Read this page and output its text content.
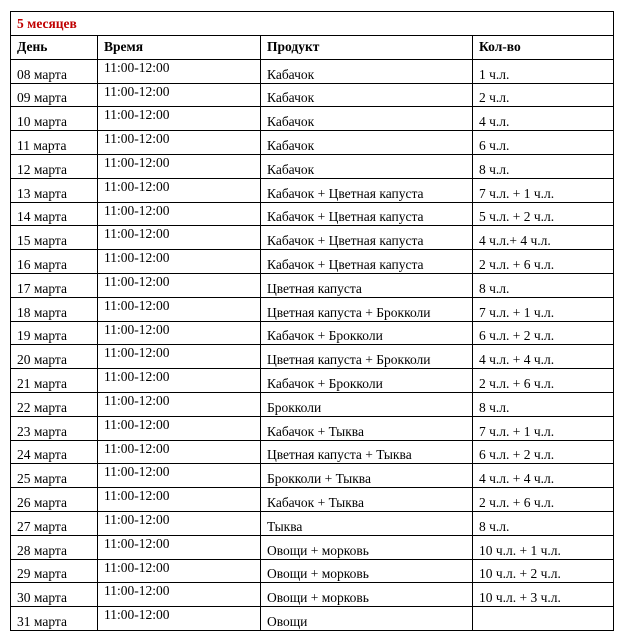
5 месяцев			
День	Время	Продукт	Кол-во
08 марта	11:00-12:00	Кабачок	1 ч.л.
09 марта	11:00-12:00	Кабачок	2 ч.л.
10 марта	11:00-12:00	Кабачок	4 ч.л.
11 марта	11:00-12:00	Кабачок	6 ч.л.
12 марта	11:00-12:00	Кабачок	8 ч.л.
13 марта	11:00-12:00	Кабачок + Цветная капуста	7 ч.л. + 1 ч.л.
14 марта	11:00-12:00	Кабачок + Цветная капуста	5 ч.л. + 2 ч.л.
15 марта	11:00-12:00	Кабачок + Цветная капуста	4 ч.л.+ 4 ч.л.
16 марта	11:00-12:00	Кабачок + Цветная капуста	2 ч.л. + 6 ч.л.
17 марта	11:00-12:00	Цветная капуста	8 ч.л.
18 марта	11:00-12:00	Цветная капуста + Брокколи	7 ч.л. + 1 ч.л.
19 марта	11:00-12:00	Кабачок + Брокколи	6 ч.л. + 2 ч.л.
20 марта	11:00-12:00	Цветная капуста + Брокколи	4 ч.л. + 4 ч.л.
21 марта	11:00-12:00	Кабачок + Брокколи	2 ч.л. + 6 ч.л.
22 марта	11:00-12:00	Брокколи	8 ч.л.
23 марта	11:00-12:00	Кабачок + Тыква	7 ч.л. + 1 ч.л.
24 марта	11:00-12:00	Цветная капуста + Тыква	6 ч.л. + 2 ч.л.
25 марта	11:00-12:00	Брокколи + Тыква	4 ч.л. + 4 ч.л.
26 марта	11:00-12:00	Кабачок + Тыква	2 ч.л. + 6 ч.л.
27 марта	11:00-12:00	Тыква	8 ч.л.
28 марта	11:00-12:00	Овощи + морковь	10 ч.л. + 1 ч.л.
29 марта	11:00-12:00	Овощи + морковь	10 ч.л. + 2 ч.л.
30 марта	11:00-12:00	Овощи + морковь	10 ч.л. + 3 ч.л.
31 марта	11:00-12:00	Овощи	
